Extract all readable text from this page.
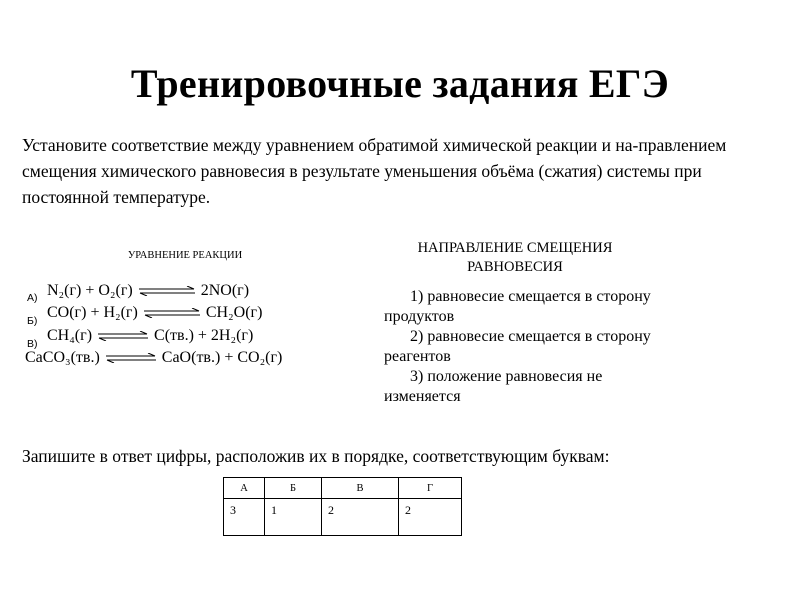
Тренировочные задания ЕГЭ
Установите соответствие между уравнением обратимой химической реакции и на-правлением смещения химического равновесия в результате уменьшения объёма (сжатия) системы при постоянной температуре.
УРАВНЕНИЕ РЕАКЦИИ	НАПРАВЛЕНИЕ СМЕЩЕНИЯ РАВНОВЕСИЯ
А) N₂(г) + O₂(г) ⇌ 2NO(г)
Б) CO(г) + H₂(г) ⇌ CH₂O(г)
В) CH₄(г) ⇌ C(тв.) + 2H₂(г)
CaCO₃(тв.) ⇌ CaO(тв.) + CO₂(г)
1) равновесие смещается в сторону продуктов
2) равновесие смещается в сторону реагентов
3) положение равновесия не изменяется
Запишите в ответ цифры, расположив их в порядке, соответствующим буквам:
А	Б	В	Г
3	1	2	2
